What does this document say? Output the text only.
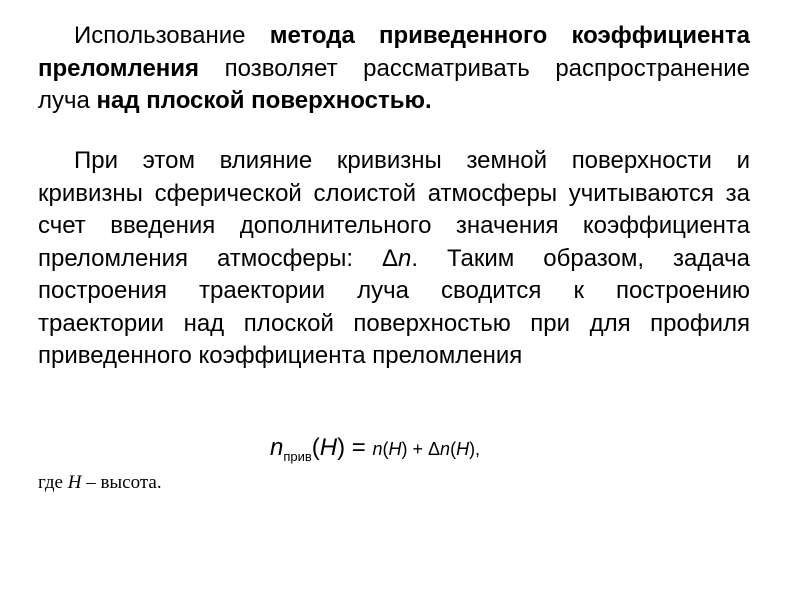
Использование метода приведенного коэффициента преломления позволяет рассматривать распространение луча над плоской поверхностью.

При этом влияние кривизны земной поверхности и кривизны сферической слоистой атмосферы учитываются за счет введения дополнительного значения коэффициента преломления атмосферы: Δn. Таким образом, задача построения траектории луча сводится к построению траектории над плоской поверхностью при для профиля приведенного коэффициента преломления

$n_{прив}(H) = n(H) + \Delta n(H)$,
где H – высота.
